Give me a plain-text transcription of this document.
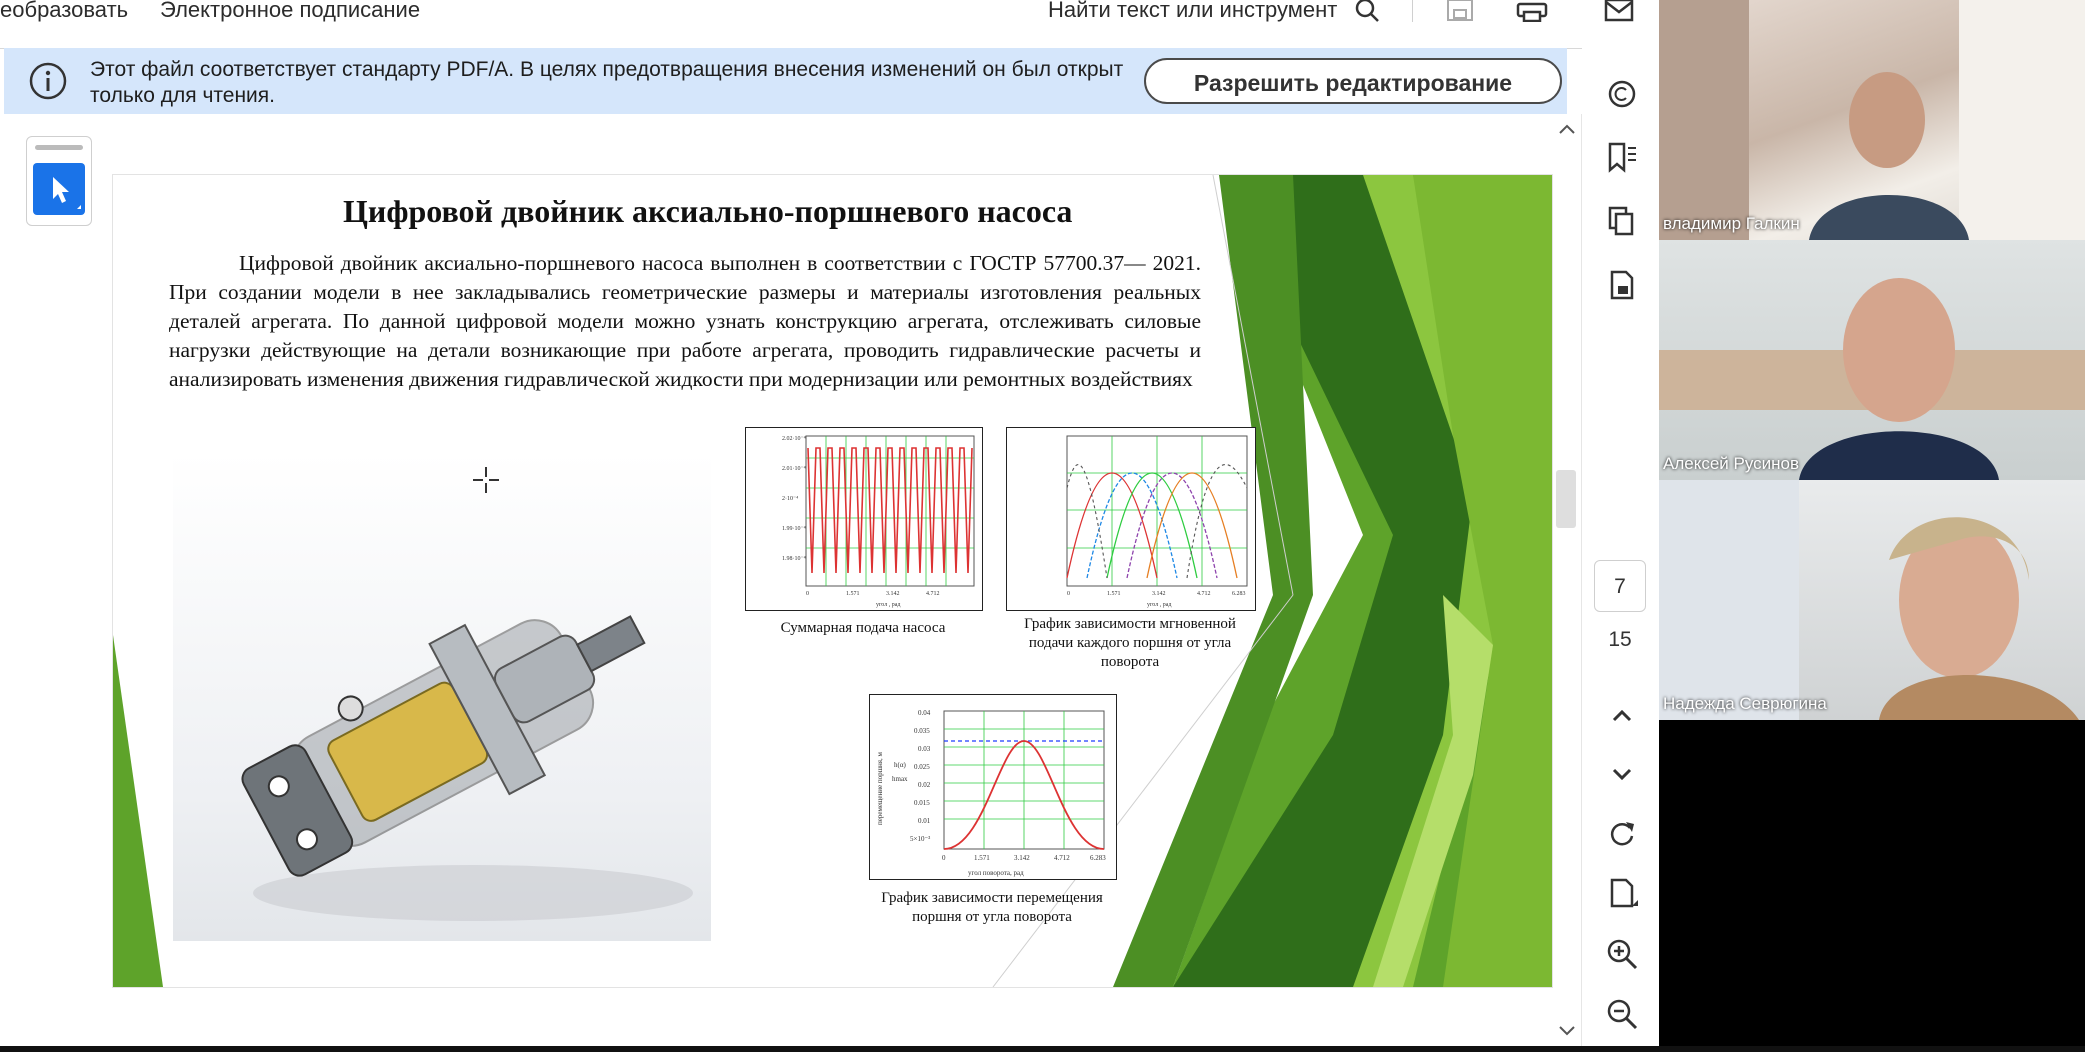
еобразовать Электронное подписание	Найти текст или инструмент
Этот файл соответствует стандарту PDF/A. В целях предотвращения внесения изменений он был открыт только для чтения.	Разрешить редактирование
Цифровой двойник аксиально-поршневого насоса
Цифровой двойник аксиально-поршневого насоса выполнен в соответствии с ГОСТР 57700.37— 2021. При создании модели в нее закладывались геометрические размеры и материалы изготовления реальных деталей агрегата. По данной цифровой модели можно узнать конструкцию агрегата, отслеживать силовые нагрузки действующие на детали возникающие при работе агрегата, проводить гидравлические расчеты и анализировать изменения движения гидравлической жидкости при модернизации или ремонтных воздействиях
2.02·10⁻⁴
2.01·10⁻⁴
2·10⁻⁴
1.99·10⁻⁴
1.98·10⁻⁴
0	1.571	3.142	4.712
угол , рад
Суммарная подача насоса
0	1.571	3.142	4.712	6.283
угол , рад
График зависимости мгновенной подачи каждого поршня от угла поворота
0	1.571	3.142	4.712	6.283
угол поворота, рад
0.04
0.035
0.03
0.025
0.02
0.015
0.01
5×10⁻³
h(α)
hmax
перемещение поршня, м
График зависимости перемещения поршня от угла поворота
7
15
владимир Галкин
Алексей Русинов
Надежда Севрюгина
